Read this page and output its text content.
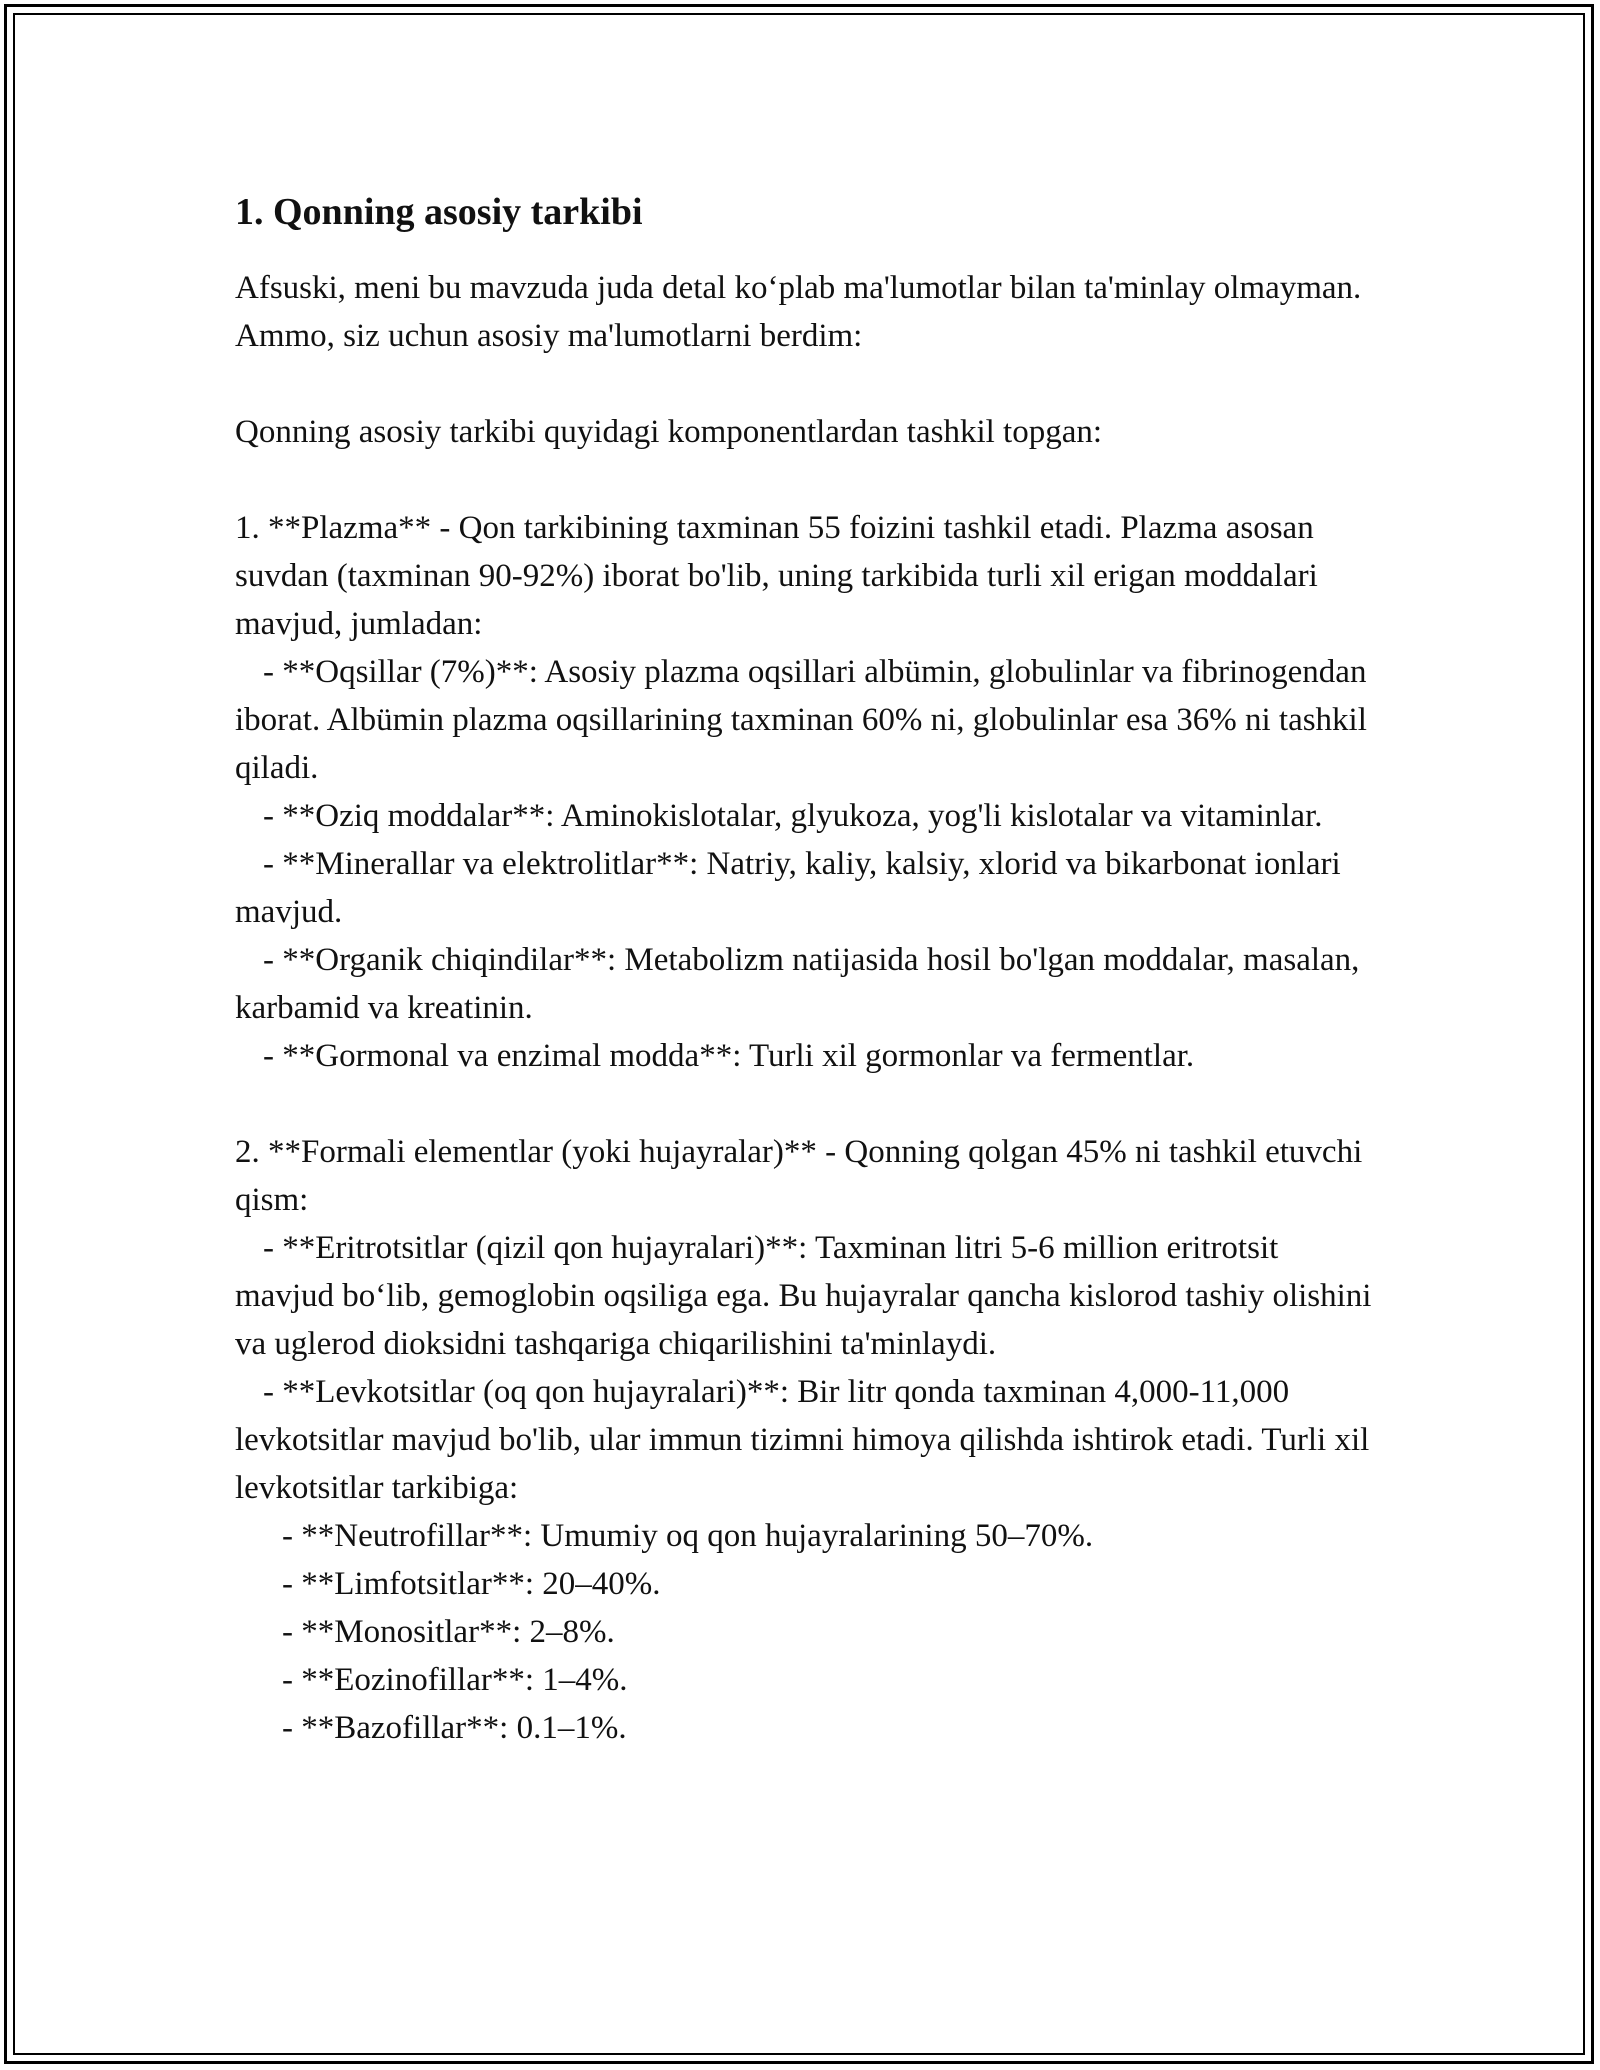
1. Qonning asosiy tarkibi

Afsuski, meni bu mavzuda juda detal ko‘plab ma'lumotlar bilan ta'minlay olmayman. Ammo, siz uchun asosiy ma'lumotlarni berdim:

Qonning asosiy tarkibi quyidagi komponentlardan tashkil topgan:

1. **Plazma** - Qon tarkibining taxminan 55 foizini tashkil etadi. Plazma asosan suvdan (taxminan 90-92%) iborat bo'lib, uning tarkibida turli xil erigan moddalari mavjud, jumladan:

- **Oqsillar (7%)**: Asosiy plazma oqsillari albümin, globulinlar va fibrinogendan iborat. Albümin plazma oqsillarining taxminan 60% ni, globulinlar esa 36% ni tashkil qiladi.

- **Oziq moddalar**: Aminokislotalar, glyukoza, yog'li kislotalar va vitaminlar.

- **Minerallar va elektrolitlar**: Natriy, kaliy, kalsiy, xlorid va bikarbonat ionlari mavjud.

- **Organik chiqindilar**: Metabolizm natijasida hosil bo'lgan moddalar, masalan, karbamid va kreatinin.

- **Gormonal va enzimal modda**: Turli xil gormonlar va fermentlar.

2. **Formali elementlar (yoki hujayralar)** - Qonning qolgan 45% ni tashkil etuvchi qism:

- **Eritrotsitlar (qizil qon hujayralari)**: Taxminan litri 5-6 million eritrotsit mavjud bo‘lib, gemoglobin oqsiliga ega. Bu hujayralar qancha kislorod tashiy olishini va uglerod dioksidni tashqariga chiqarilishini ta'minlaydi.

- **Levkotsitlar (oq qon hujayralari)**: Bir litr qonda taxminan 4,000-11,000 levkotsitlar mavjud bo'lib, ular immun tizimni himoya qilishda ishtirok etadi. Turli xil levkotsitlar tarkibiga:

- **Neutrofillar**: Umumiy oq qon hujayralarining 50–70%.

- **Limfotsitlar**: 20–40%.

- **Monositlar**: 2–8%.

- **Eozinofillar**: 1–4%.

- **Bazofillar**: 0.1–1%.
